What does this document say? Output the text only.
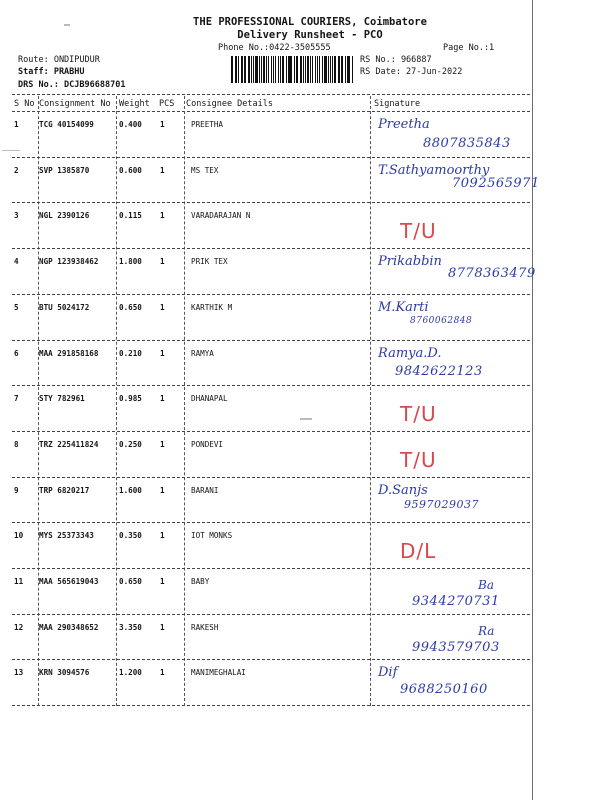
THE PROFESSIONAL COURIERS, Coimbatore
Delivery Runsheet - PCO
Phone No.:0422-3505555	Page No.:1
Route: ONDIPUDUR
Staff: PRABHU
DRS No.: DCJB96688701
RS No.: 966887
RS Date: 27-Jun-2022
S No Consignment No Weight PCS Consignee Details	Signature
1	TCG 40154099	0.400 1	PREETHA	Preetha
8807835843
2	SVP 1385870	0.600 1	MS TEX	T.Sathyamoorthy
7092565971
3	NGL 2390126	0.115 1	VARADARAJAN N
T/U
4	NGP 123938462	1.800 1	PRIK TEX	Prikabbin
8778363479
5	BTU 5024172	0.650 1	KARTHIK M	M.Karti
8760062848
6	MAA 291858168	0.210 1	RAMYA	Ramya.D.
9842622123
7	STY 782961	0.985 1	DHANAPAL
T/U
8	TRZ 225411824	0.250 1	PONDEVI
T/U
9	TRP 6820217	1.600 1	BARANI	D.Sanjs
9597029037
10 MYS 25373343	0.350 1	IOT MONKS
D/L
11 MAA 565619043	0.650 1	BABY	Ba
9344270731
12 MAA 290348652	3.350 1	RAKESH	Ra
9943579703
13 KRN 3094576	1.200 1	MANIMEGHALAI	Dif
9688250160
